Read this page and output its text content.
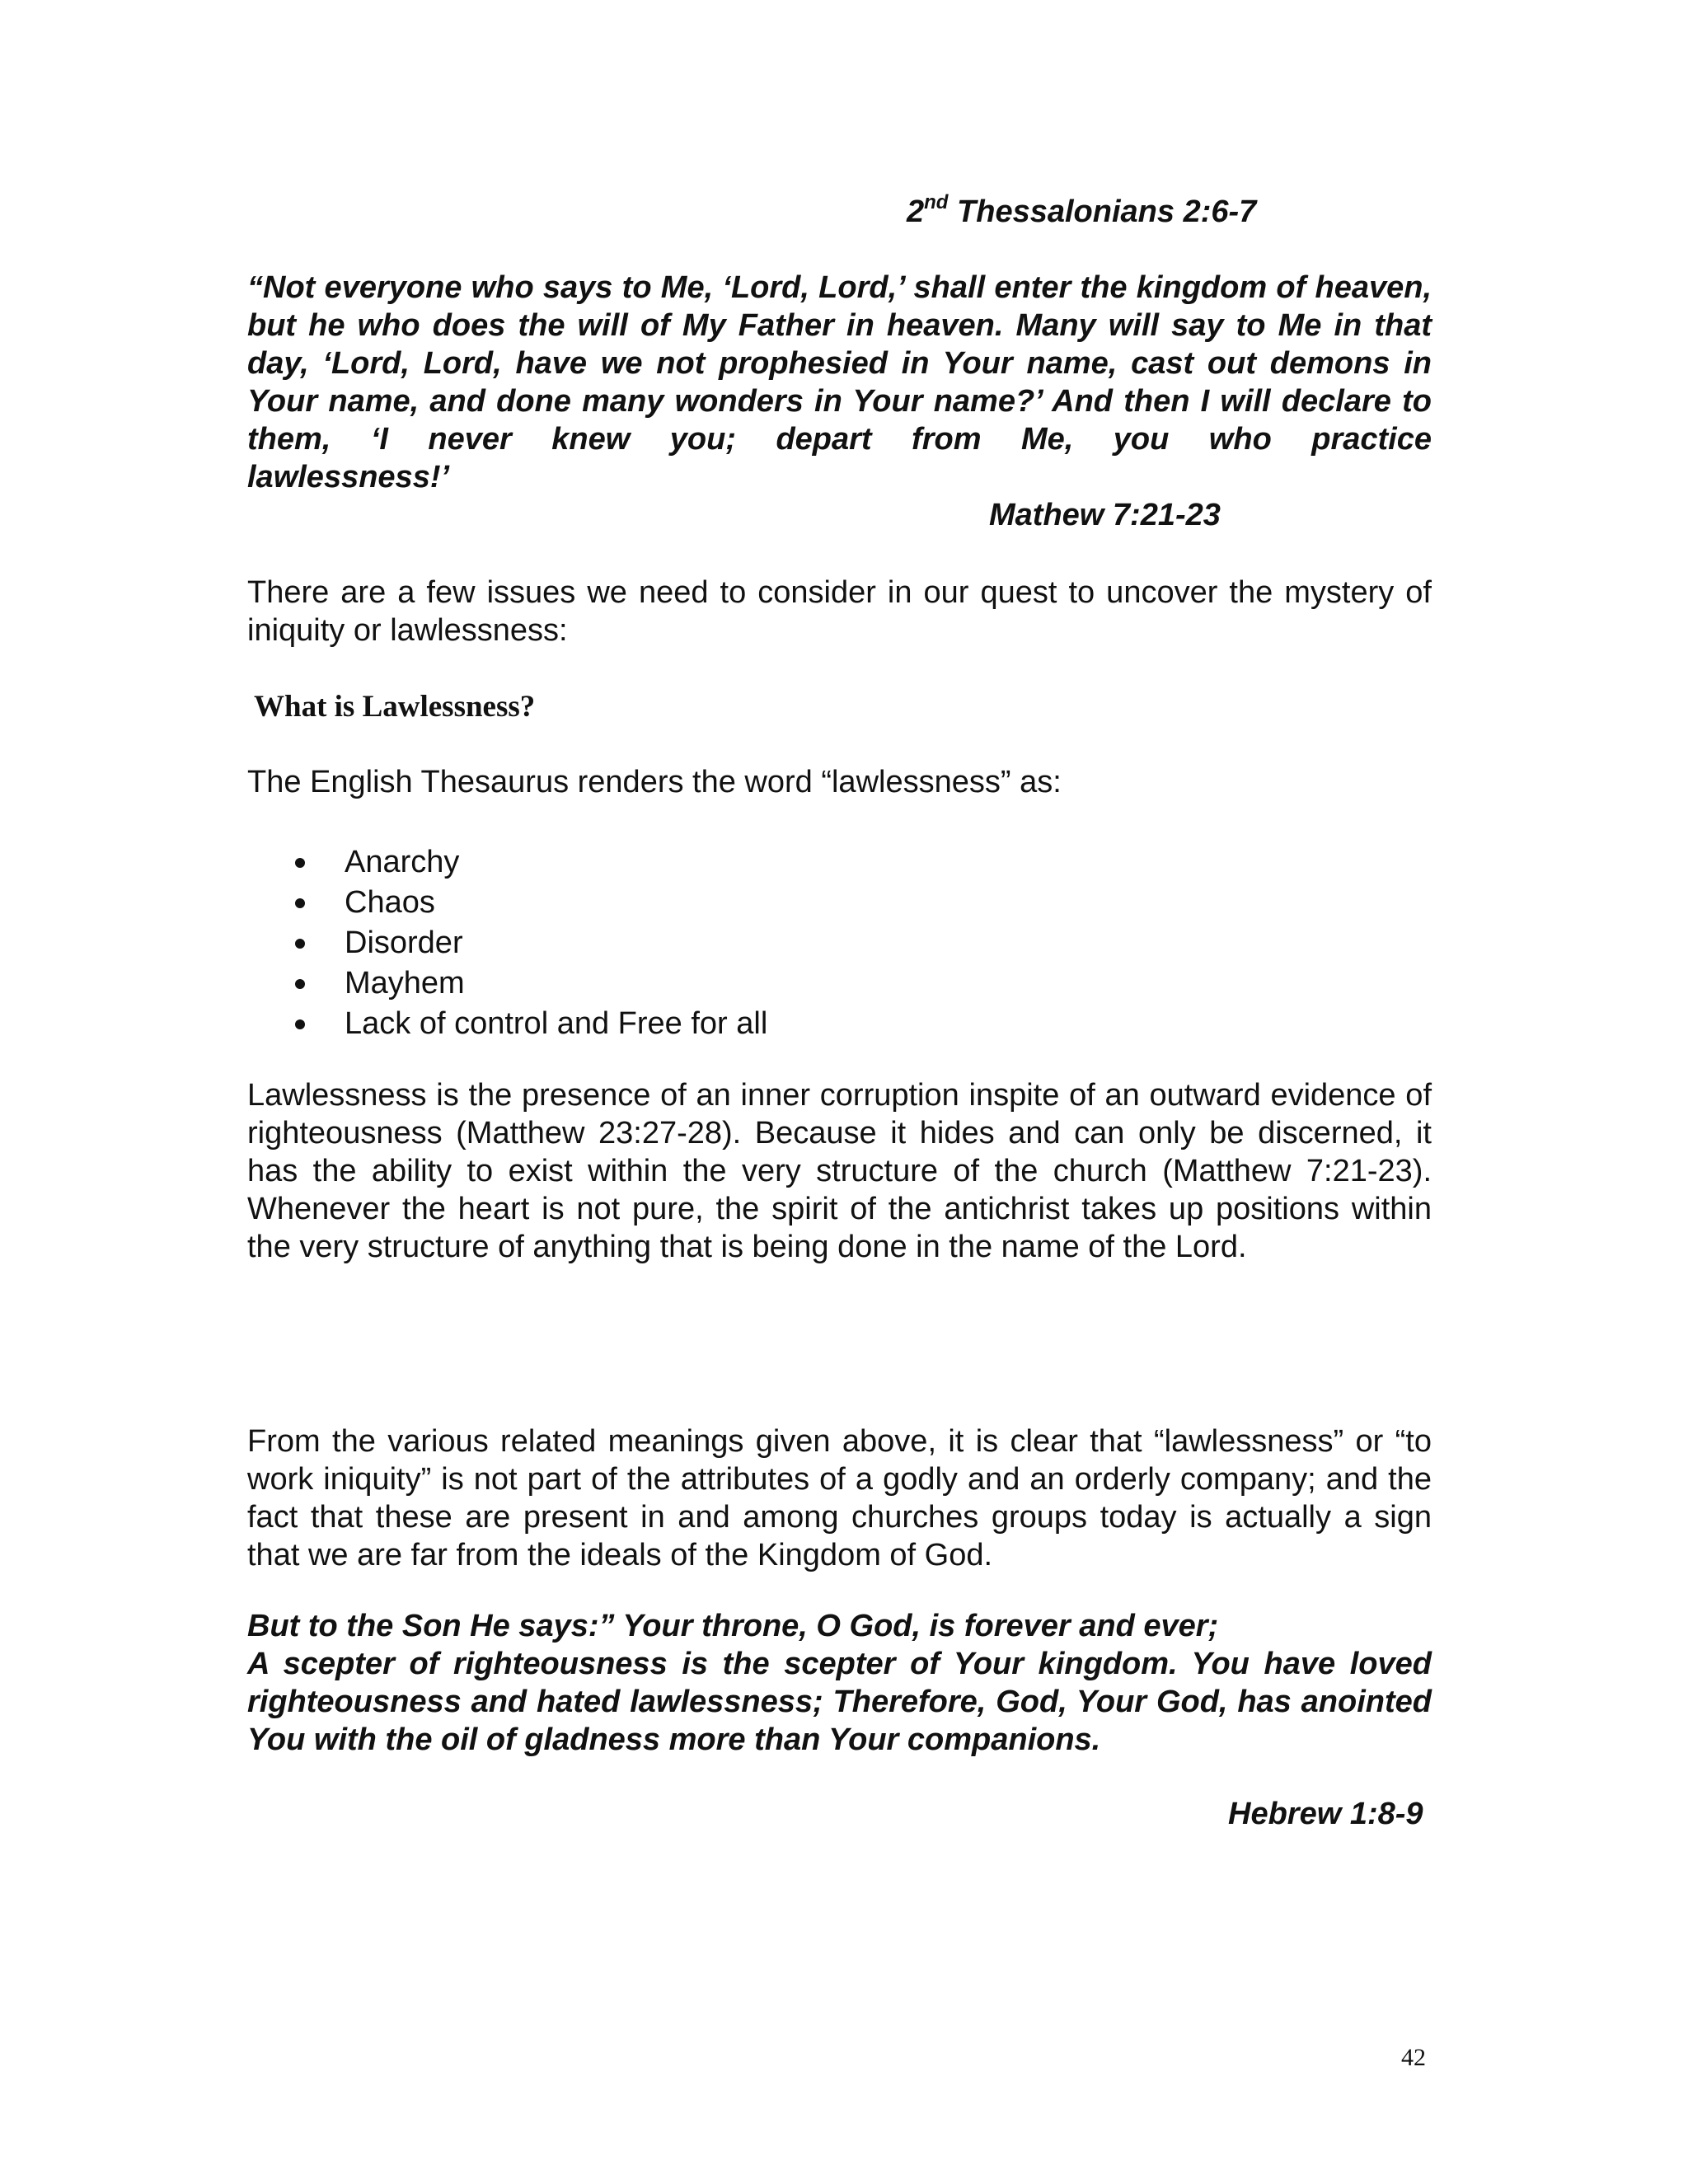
2nd Thessalonians 2:6-7

“Not everyone who says to Me, ‘Lord, Lord,’ shall enter the kingdom of heaven, but he who does the will of My Father in heaven. Many will say to Me in that day, ‘Lord, Lord, have we not prophesied in Your name, cast out demons in Your name, and done many wonders in Your name?’ And then I will declare to them, ‘I never knew you; depart from Me, you who practice

lawlessness!’

Mathew 7:21-23

There are a few issues we need to consider in our quest to uncover the mystery of iniquity or lawlessness:

What is Lawlessness?

The English Thesaurus renders the word “lawlessness” as:

Anarchy
Chaos
Disorder
Mayhem
Lack of control and Free for all

Lawlessness is the presence of an inner corruption inspite of an outward evidence of righteousness (Matthew 23:27-28). Because it hides and can only be discerned, it has the ability to exist within the very structure of the church (Matthew 7:21-23). Whenever the heart is not pure, the spirit of the antichrist takes up positions within the very structure of anything that is being done in the name of the Lord.

From the various related meanings given above, it is clear that “lawlessness” or “to work iniquity” is not part of the attributes of a godly and an orderly company; and the fact that these are present in and among churches groups today is actually a sign that we are far from the ideals of the Kingdom of God.

But to the Son He says:” Your throne, O God, is forever and ever;

A scepter of righteousness is the scepter of Your kingdom. You have loved righteousness and hated lawlessness; Therefore, God, Your God, has anointed You with the oil of gladness more than Your companions.

Hebrew 1:8-9
42
